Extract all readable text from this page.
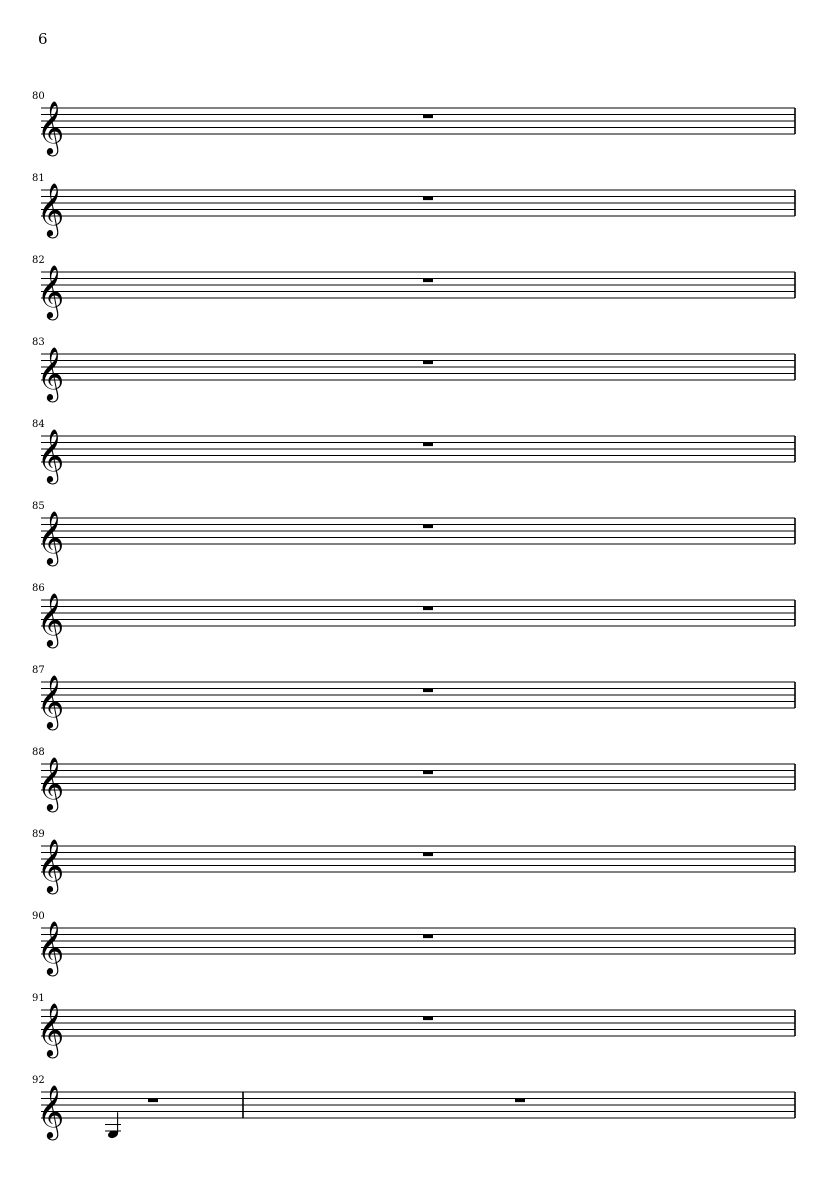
6
80
𝄞
81
𝄞
82
𝄞
83
𝄞
84
𝄞
85
𝄞
86
𝄞
87
𝄞
88
𝄞
89
𝄞
90
𝄞
91
𝄞
92
𝄞
